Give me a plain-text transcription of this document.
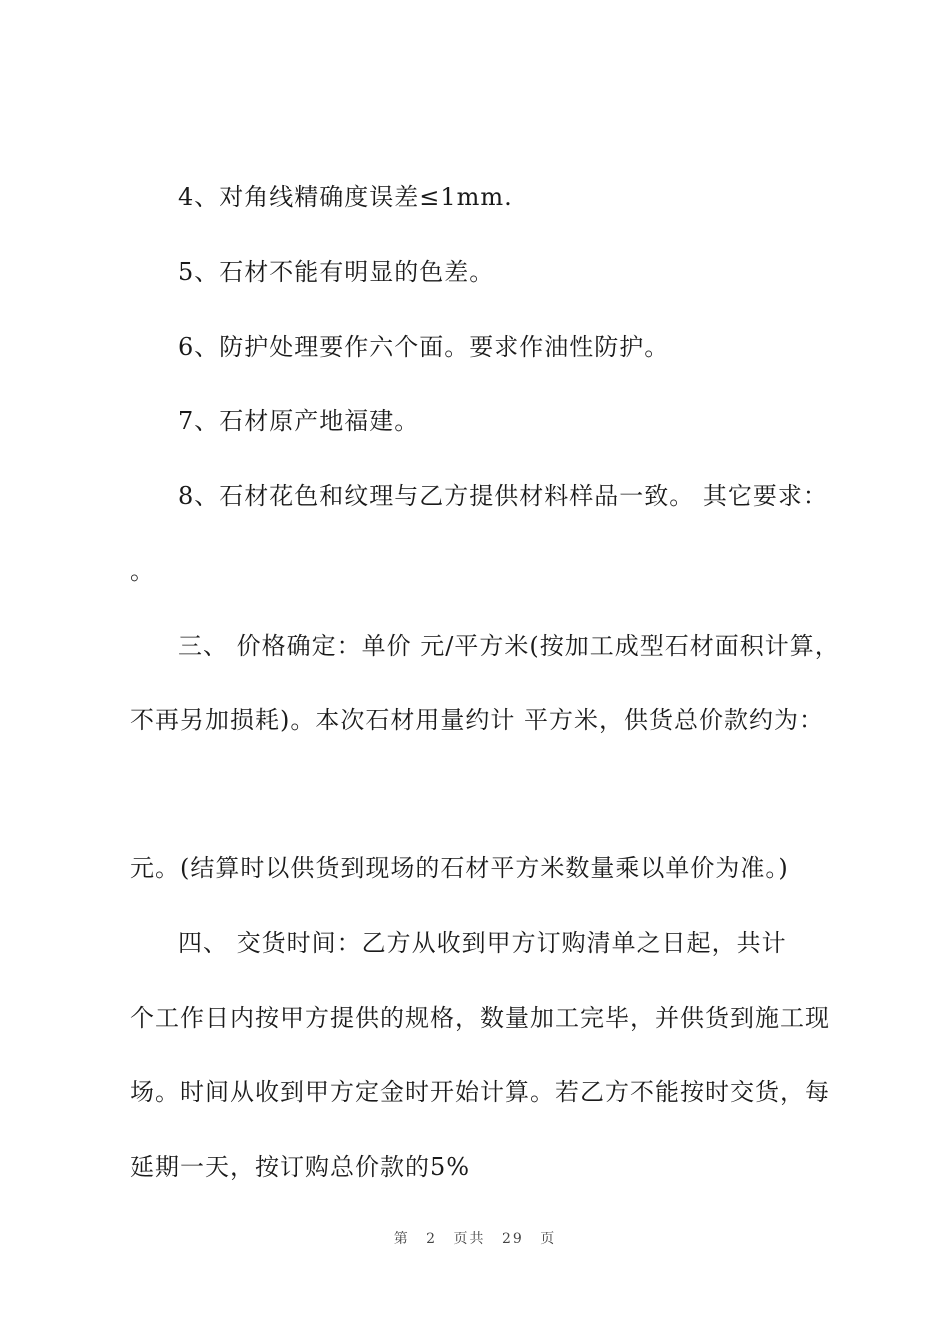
4、对角线精确度误差≤1mm.
5、石材不能有明显的色差。
6、防护处理要作六个面。要求作油性防护。
7、石材原产地福建。
8、石材花色和纹理与乙方提供材料样品一致。 其它要求：
。
三、 价格确定：单价 元/平方米(按加工成型石材面积计算，
不再另加损耗)。本次石材用量约计 平方米，供货总价款约为：
元。(结算时以供货到现场的石材平方米数量乘以单价为准。)
四、 交货时间：乙方从收到甲方订购清单之日起，共计
个工作日内按甲方提供的规格，数量加工完毕，并供货到施工现
场。时间从收到甲方定金时开始计算。若乙方不能按时交货，每
延期一天，按订购总价款的5%
第 2 页共 29 页
